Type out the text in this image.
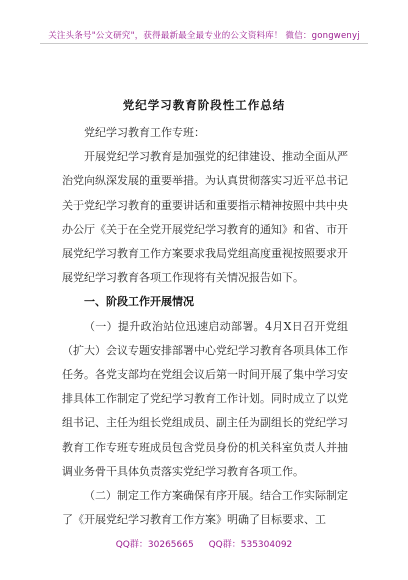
关注头条号"公文研究"，获得最新最全最专业的公文资料库！ 微信：gongwenyj
党纪学习教育阶段性工作总结

党纪学习教育工作专班：

开展党纪学习教育是加强党的纪律建设、推动全面从严治党向纵深发展的重要举措。为认真贯彻落实习近平总书记关于党纪学习教育的重要讲话和重要指示精神按照中共中央办公厅《关于在全党开展党纪学习教育的通知》和省、市开展党纪学习教育工作方案要求我局党组高度重视按照要求开展党纪学习教育各项工作现将有关情况报告如下。

一、阶段工作开展情况

（一）提升政治站位迅速启动部署。4月X日召开党组（扩大）会议专题安排部署中心党纪学习教育各项具体工作任务。各党支部均在党组会议后第一时间开展了集中学习安排具体工作制定了党纪学习教育工作计划。同时成立了以党组书记、主任为组长党组成员、副主任为副组长的党纪学习教育工作专班专班成员包含党员身份的机关科室负责人并抽调业务骨干具体负责落实党纪学习教育各项工作。

（二）制定工作方案确保有序开展。结合工作实际制定了《开展党纪学习教育工作方案》明确了目标要求、工

QQ群：30265665 QQ群：535304092
